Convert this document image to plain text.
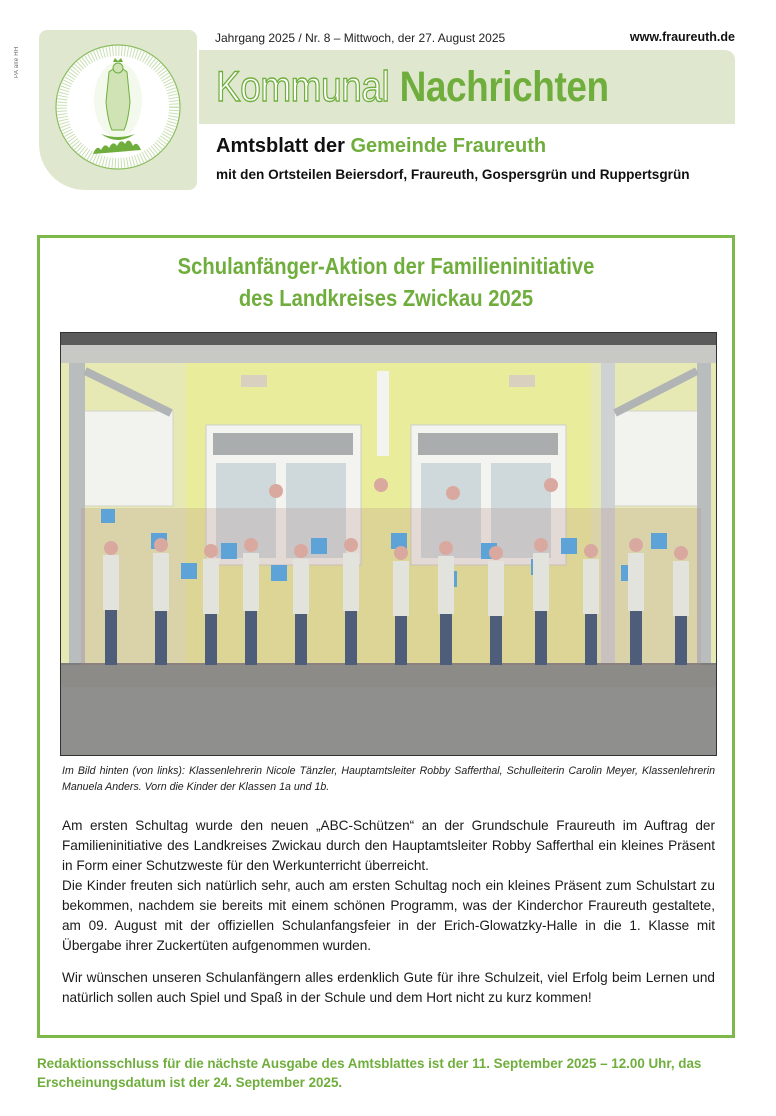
PA alle HH
Jahrgang 2025 / Nr. 8 – Mittwoch, der 27. August 2025	www.fraureuth.de
Kommunal Nachrichten
Amtsblatt der Gemeinde Fraureuth
mit den Ortsteilen Beiersdorf, Fraureuth, Gospersgrün und Ruppertsgrün
Schulanfänger-Aktion der Familieninitiative
des Landkreises Zwickau 2025
Im Bild hinten (von links): Klassenlehrerin Nicole Tänzler, Hauptamtsleiter Robby Safferthal, Schulleiterin Carolin Meyer, Klassenlehrerin Manuela Anders. Vorn die Kinder der Klassen 1a und 1b.

Am ersten Schultag wurde den neuen „ABC-Schützen“ an der Grundschule Fraureuth im Auftrag der Familieninitiative des Landkreises Zwickau durch den Hauptamtsleiter Robby Safferthal ein kleines Präsent in Form einer Schutzweste für den Werkunterricht überreicht.

Die Kinder freuten sich natürlich sehr, auch am ersten Schultag noch ein kleines Präsent zum Schulstart zu bekommen, nachdem sie bereits mit einem schönen Programm, was der Kinderchor Fraureuth gestaltete, am 09. August mit der offiziellen Schulanfangsfeier in der Erich-Glowatzky-Halle in die 1. Klasse mit Übergabe ihrer Zuckertüten aufgenommen wurden.

Wir wünschen unseren Schulanfängern alles erdenklich Gute für ihre Schulzeit, viel Erfolg beim Lernen und natürlich sollen auch Spiel und Spaß in der Schule und dem Hort nicht zu kurz kommen!

Redaktionsschluss für die nächste Ausgabe des Amtsblattes ist der 11. September 2025 – 12.00 Uhr, das Erscheinungsdatum ist der 24. September 2025.
